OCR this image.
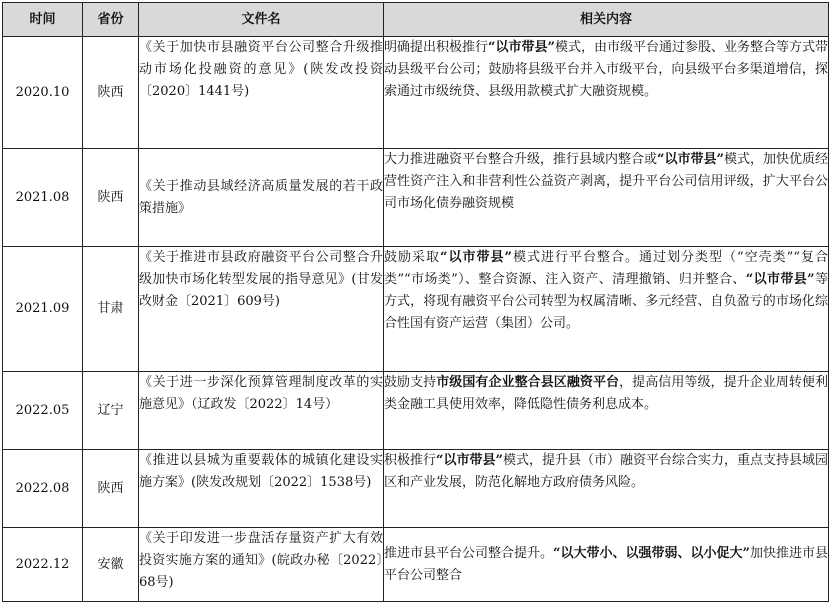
时间	省份	文件名	相关内容
2020.10	陕西	《关于加快市县融资平台公司整合升级推动市场化投融资的意见》(陕发改投资〔2020〕1441号)	明确提出积极推行“以市带县”模式，由市级平台通过参股、业务整合等方式带动县级平台公司；鼓励将县级平台并入市级平台，向县级平台多渠道增信，探索通过市级统贷、县级用款模式扩大融资规模。

2021.08	陕西	《关于推动县域经济高质量发展的若干政策措施》	大力推进融资平台整合升级，推行县域内整合或“以市带县”模式，加快优质经营性资产注入和非营利性公益资产剥离，提升平台公司信用评级，扩大平台公司市场化债券融资规模

2021.09	甘肃	《关于推进市县政府融资平台公司整合升级加快市场化转型发展的指导意见》(甘发改财金〔2021〕609号)	鼓励采取“以市带县”模式进行平台整合。通过划分类型（“空壳类”“复合类”“市场类”）、整合资源、注入资产、清理撤销、归并整合、“以市带县”等方式，将现有融资平台公司转型为权属清晰、多元经营、自负盈亏的市场化综合性国有资产运营（集团）公司。

2022.05	辽宁	《关于进一步深化预算管理制度改革的实施意见》（辽政发〔2022〕14号）	鼓励支持市级国有企业整合县区融资平台，提高信用等级，提升企业周转便利类金融工具使用效率，降低隐性债务利息成本。

2022.08	陕西	《推进以县城为重要载体的城镇化建设实施方案》(陕发改规划〔2022〕1538号)	积极推行“以市带县”模式，提升县（市）融资平台综合实力，重点支持县域园区和产业发展，防范化解地方政府债务风险。

2022.12	安徽	《关于印发进一步盘活存量资产扩大有效投资实施方案的通知》(皖政办秘〔2022〕68号)	推进市县平台公司整合提升。“以大带小、以强带弱、以小促大”加快推进市县平台公司整合
